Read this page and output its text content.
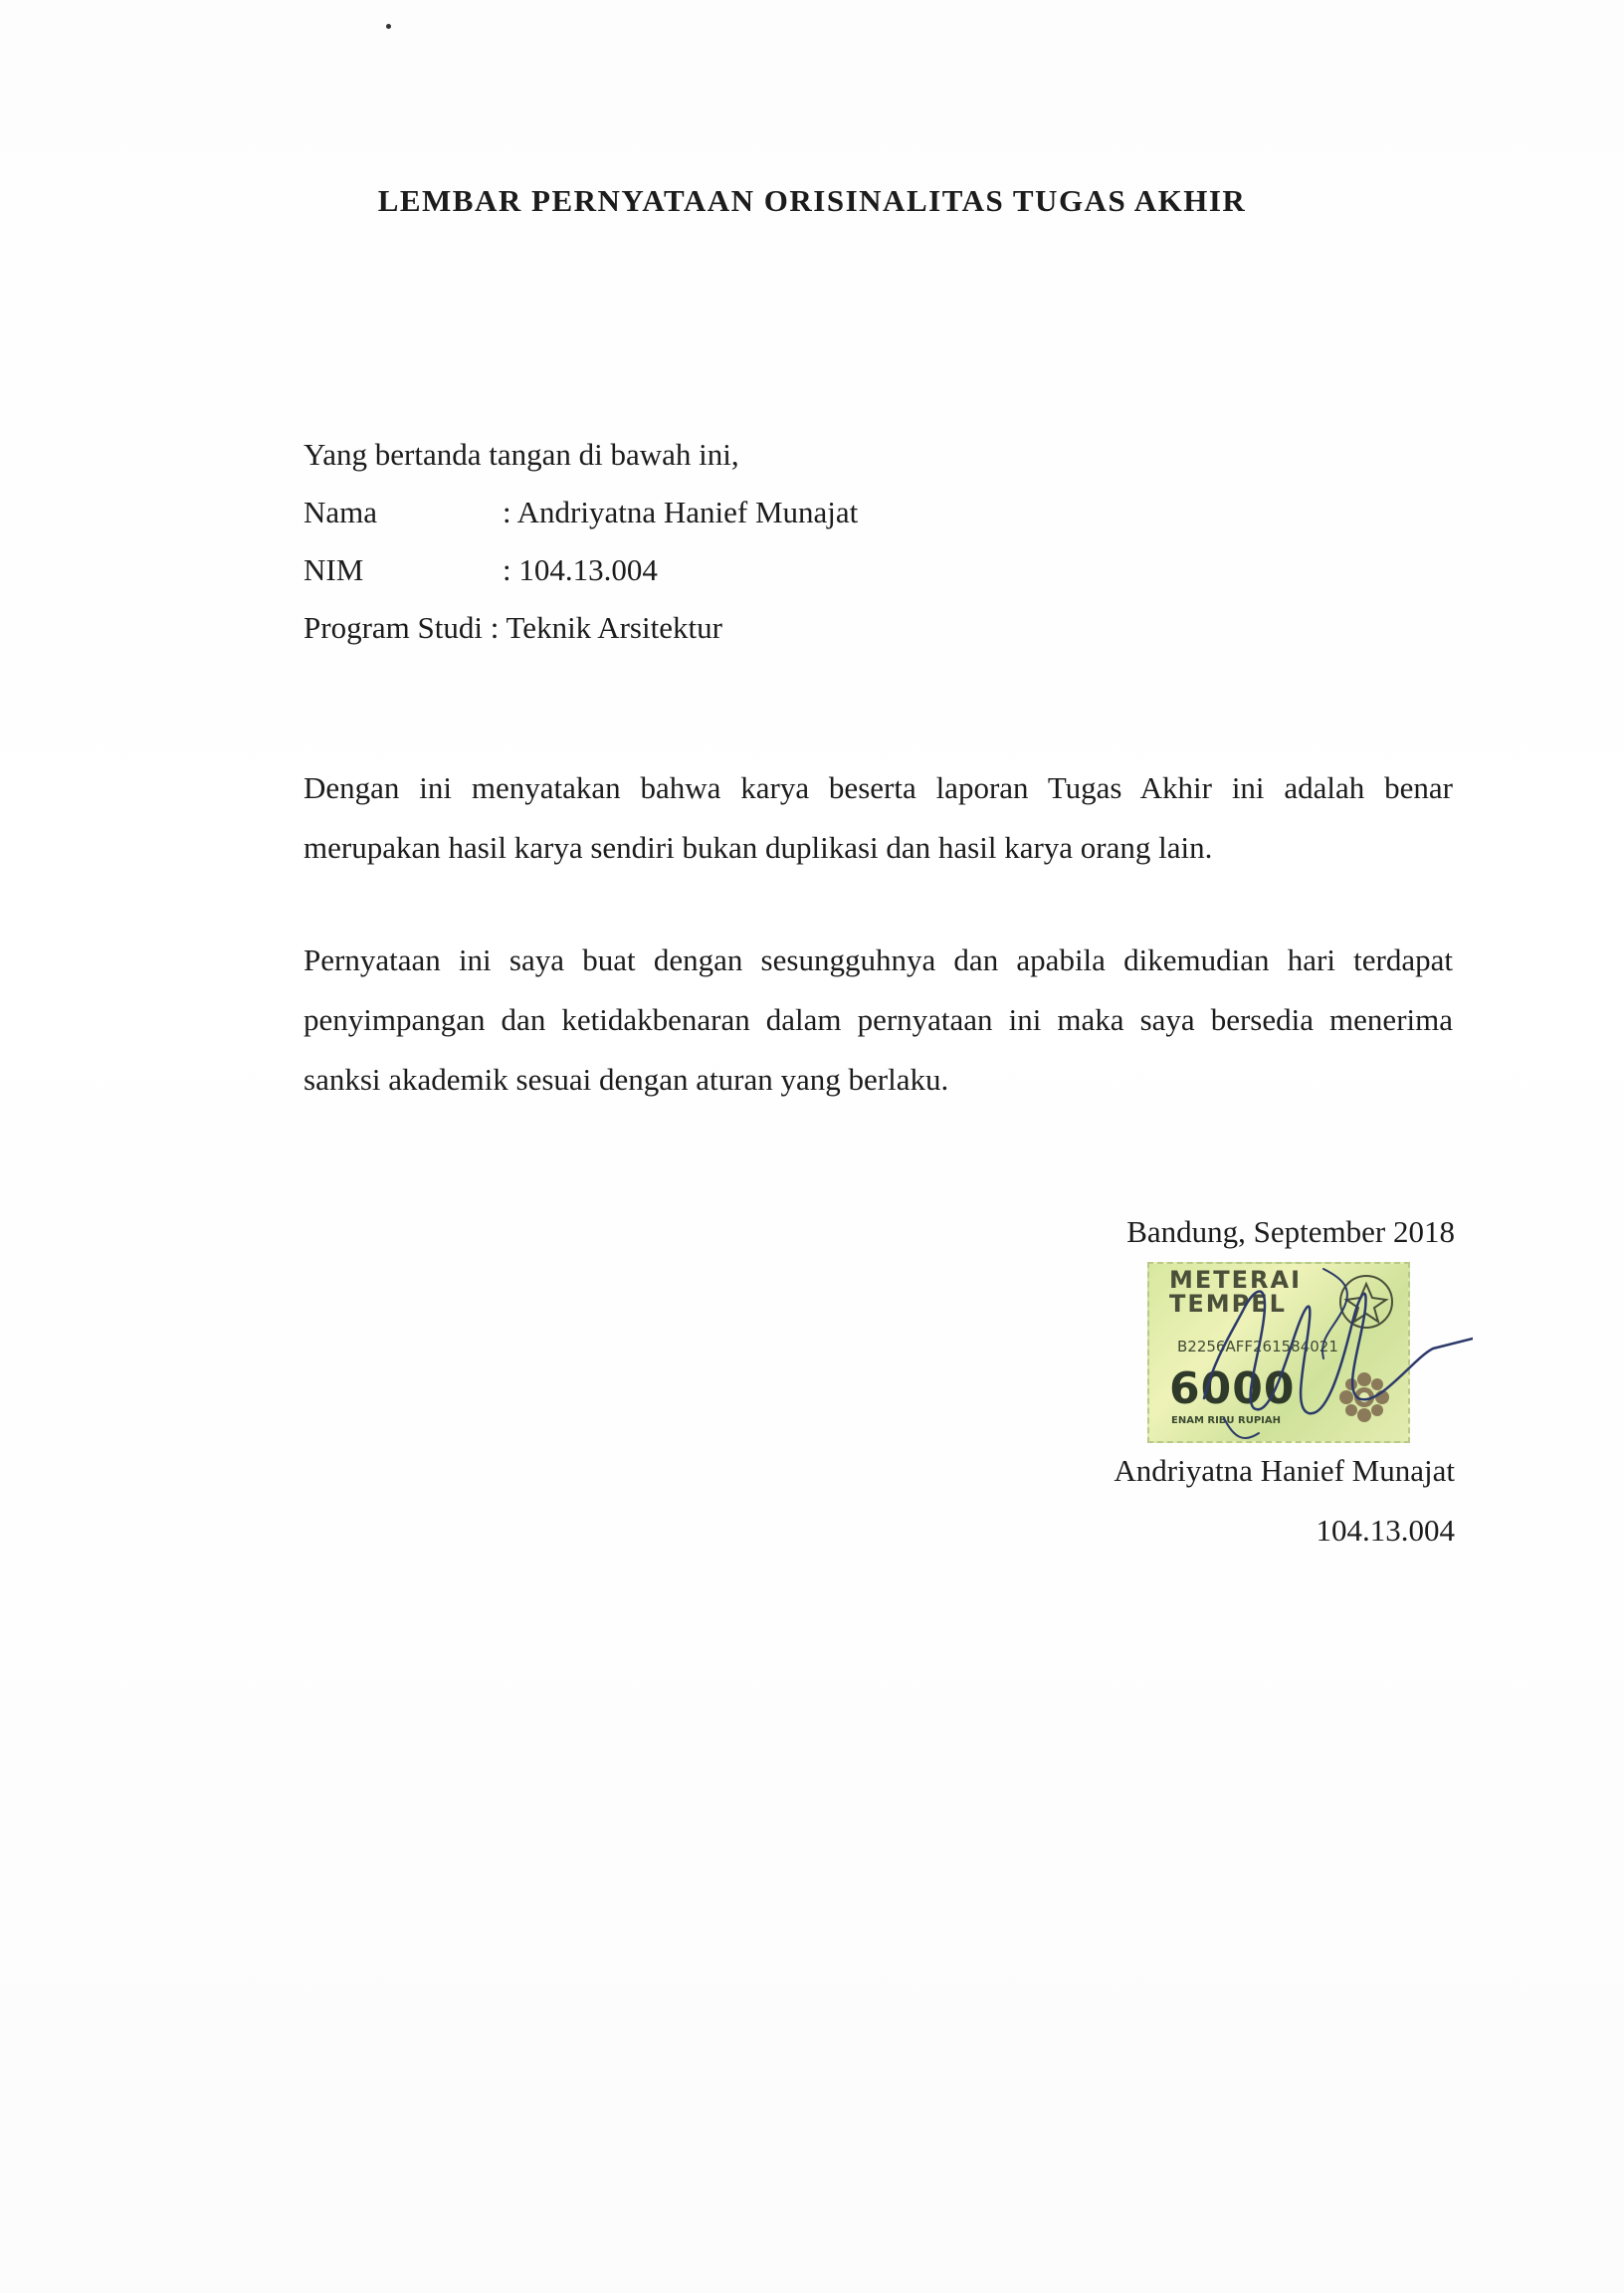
LEMBAR PERNYATAAN ORISINALITAS TUGAS AKHIR
Yang bertanda tangan di bawah ini,
Nama	: Andriyatna Hanief Munajat
NIM	: 104.13.004
Program Studi : Teknik Arsitektur
Dengan ini menyatakan bahwa karya beserta laporan Tugas Akhir ini adalah benar merupakan hasil karya sendiri bukan duplikasi dan hasil karya orang lain.
Pernyataan ini saya buat dengan sesungguhnya dan apabila dikemudian hari terdapat penyimpangan dan ketidakbenaran dalam pernyataan ini maka saya bersedia menerima sanksi akademik sesuai dengan aturan yang berlaku.
Bandung, September 2018
METERAI
TEMPEL
B2256AFF261584021
6000
ENAM RIBU RUPIAH
Andriyatna Hanief Munajat
104.13.004
